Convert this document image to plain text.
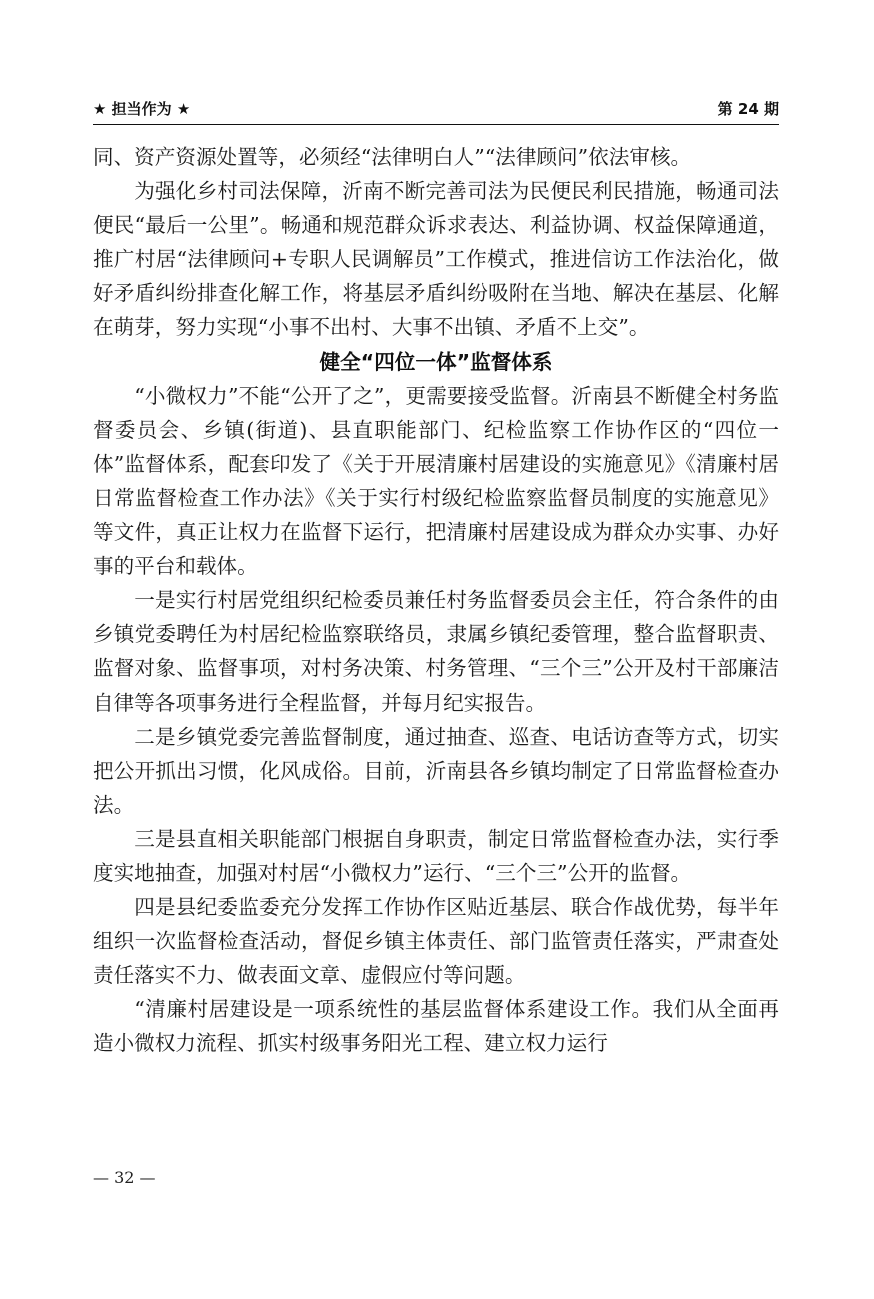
★ 担当作为 ★	第 24 期

同、资产资源处置等，必须经“法律明白人”“法律顾问”依法审核。

为强化乡村司法保障，沂南不断完善司法为民便民利民措施，畅通司法便民“最后一公里”。畅通和规范群众诉求表达、利益协调、权益保障通道，推广村居“法律顾问+专职人民调解员”工作模式，推进信访工作法治化，做好矛盾纠纷排查化解工作，将基层矛盾纠纷吸附在当地、解决在基层、化解在萌芽，努力实现“小事不出村、大事不出镇、矛盾不上交”。

健全“四位一体”监督体系

“小微权力”不能“公开了之”，更需要接受监督。沂南县不断健全村务监督委员会、乡镇(街道)、县直职能部门、纪检监察工作协作区的“四位一体”监督体系，配套印发了《关于开展清廉村居建设的实施意见》《清廉村居日常监督检查工作办法》《关于实行村级纪检监察监督员制度的实施意见》等文件，真正让权力在监督下运行，把清廉村居建设成为群众办实事、办好事的平台和载体。

一是实行村居党组织纪检委员兼任村务监督委员会主任，符合条件的由乡镇党委聘任为村居纪检监察联络员，隶属乡镇纪委管理，整合监督职责、监督对象、监督事项，对村务决策、村务管理、“三个三”公开及村干部廉洁自律等各项事务进行全程监督，并每月纪实报告。

二是乡镇党委完善监督制度，通过抽查、巡查、电话访查等方式，切实把公开抓出习惯，化风成俗。目前，沂南县各乡镇均制定了日常监督检查办法。

三是县直相关职能部门根据自身职责，制定日常监督检查办法，实行季度实地抽查，加强对村居“小微权力”运行、“三个三”公开的监督。

四是县纪委监委充分发挥工作协作区贴近基层、联合作战优势，每半年组织一次监督检查活动，督促乡镇主体责任、部门监管责任落实，严肃查处责任落实不力、做表面文章、虚假应付等问题。

“清廉村居建设是一项系统性的基层监督体系建设工作。我们从全面再造小微权力流程、抓实村级事务阳光工程、建立权力运行

— 32 —
